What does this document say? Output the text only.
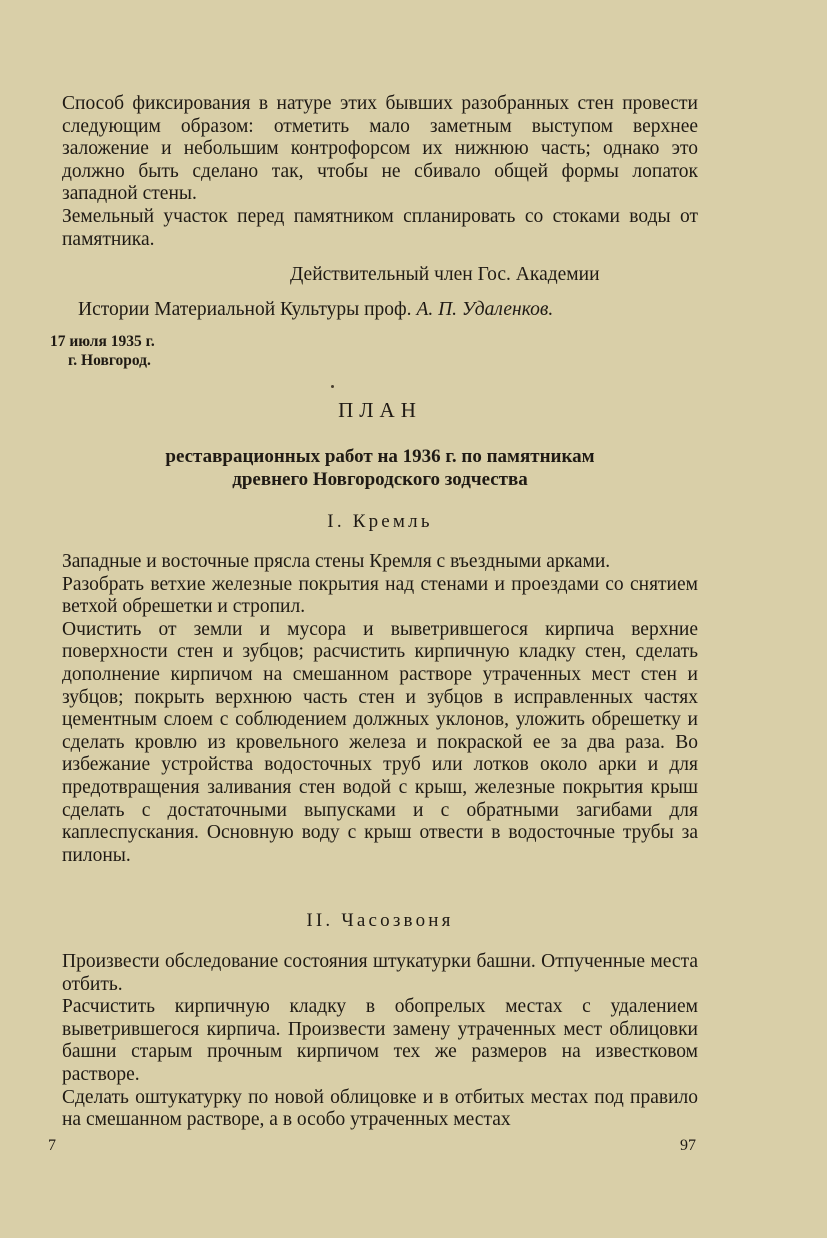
Способ фиксирования в натуре этих бывших разобранных стен провести следующим образом: отметить мало заметным выступом верхнее заложение и небольшим контрофорсом их нижнюю часть; однако это должно быть сделано так, чтобы не сбивало общей формы лопаток западной стены.

Земельный участок перед памятником спланировать со стоками воды от памятника.

Действительный член Гос. Академии
Истории Материальной Культуры проф. А. П. Удаленков.
17 июля 1935 г.
г. Новгород.
ПЛАН
реставрационных работ на 1936 г. по памятникам
древнего Новгородского зодчества
I. Кремль

Западные и восточные прясла стены Кремля с въездными арками.

Разобрать ветхие железные покрытия над стенами и проездами со снятием ветхой обрешетки и стропил.

Очистить от земли и мусора и выветрившегося кирпича верхние поверхности стен и зубцов; расчистить кирпичную кладку стен, сделать дополнение кирпичом на смешанном растворе утраченных мест стен и зубцов; покрыть верхнюю часть стен и зубцов в исправленных частях цементным слоем с соблюдением должных уклонов, уложить обрешетку и сделать кровлю из кровельного железа и покраской ее за два раза. Во избежание устройства водосточных труб или лотков около арки и для предотвращения заливания стен водой с крыш, железные покрытия крыш сделать с достаточными выпусками и с обратными загибами для каплеспускания. Основную воду с крыш отвести в водосточные трубы за пилоны.

II. Часозвоня

Произвести обследование состояния штукатурки башни. Отпученные места отбить.

Расчистить кирпичную кладку в обопрелых местах с удалением выветрившегося кирпича. Произвести замену утраченных мест облицовки башни старым прочным кирпичом тех же размеров на известковом растворе.

Сделать оштукатурку по новой облицовке и в отбитых местах под правило на смешанном растворе, а в особо утраченных местах

7	97
